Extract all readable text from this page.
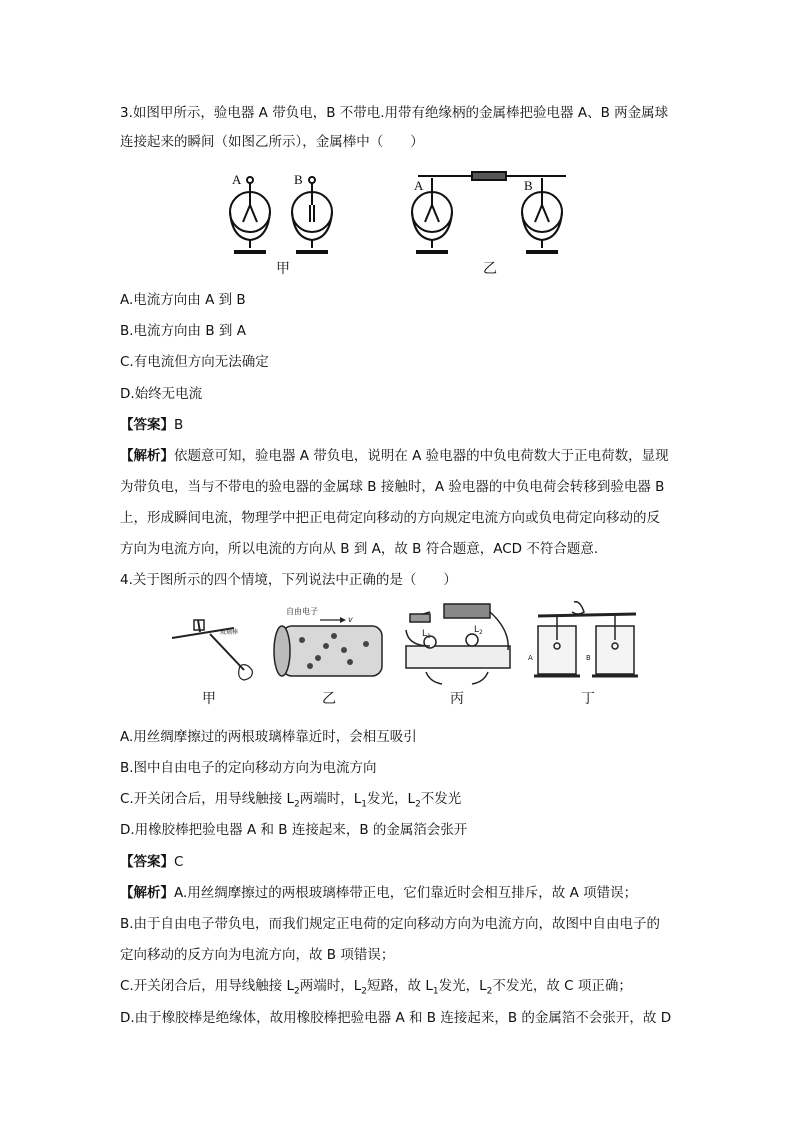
3.如图甲所示，验电器 A 带负电，B 不带电.用带有绝缘柄的金属棒把验电器 A、B 两金属球
连接起来的瞬间（如图乙所示），金属棒中（　　）
A	B	A	B
甲	乙
A.电流方向由 A 到 B
B.电流方向由 B 到 A
C.有电流但方向无法确定
D.始终无电流
【答案】B
【解析】依题意可知，验电器 A 带负电，说明在 A 验电器的中负电荷数大于正电荷数，显现
为带负电，当与不带电的验电器的金属球 B 接触时，A 验电器的中负电荷会转移到验电器 B
上，形成瞬间电流，物理学中把正电荷定向移动的方向规定电流方向或负电荷定向移动的反
方向为电流方向，所以电流的方向从 B 到 A，故 B 符合题意，ACD 不符合题意.
4.关于图所示的四个情境，下列说法中正确的是（　　）
玻璃棒
自由电子
v
$L_1$
$L_2$
A	B
甲	乙	丙	丁
A.用丝绸摩擦过的两根玻璃棒靠近时，会相互吸引
B.图中自由电子的定向移动方向为电流方向
C.开关闭合后，用导线触接 $L_2$两端时，$L_1$发光，$L_2$不发光
D.用橡胶棒把验电器 A 和 B 连接起来，B 的金属箔会张开
【答案】C
【解析】A.用丝绸摩擦过的两根玻璃棒带正电，它们靠近时会相互排斥，故 A 项错误；
B.由于自由电子带负电，而我们规定正电荷的定向移动方向为电流方向，故图中自由电子的
定向移动的反方向为电流方向，故 B 项错误；
C.开关闭合后，用导线触接 $L_2$两端时，$L_2$短路，故 $L_1$发光，$L_2$不发光，故 C 项正确；
D.由于橡胶棒是绝缘体，故用橡胶棒把验电器 A 和 B 连接起来，B 的金属箔不会张开，故 D
